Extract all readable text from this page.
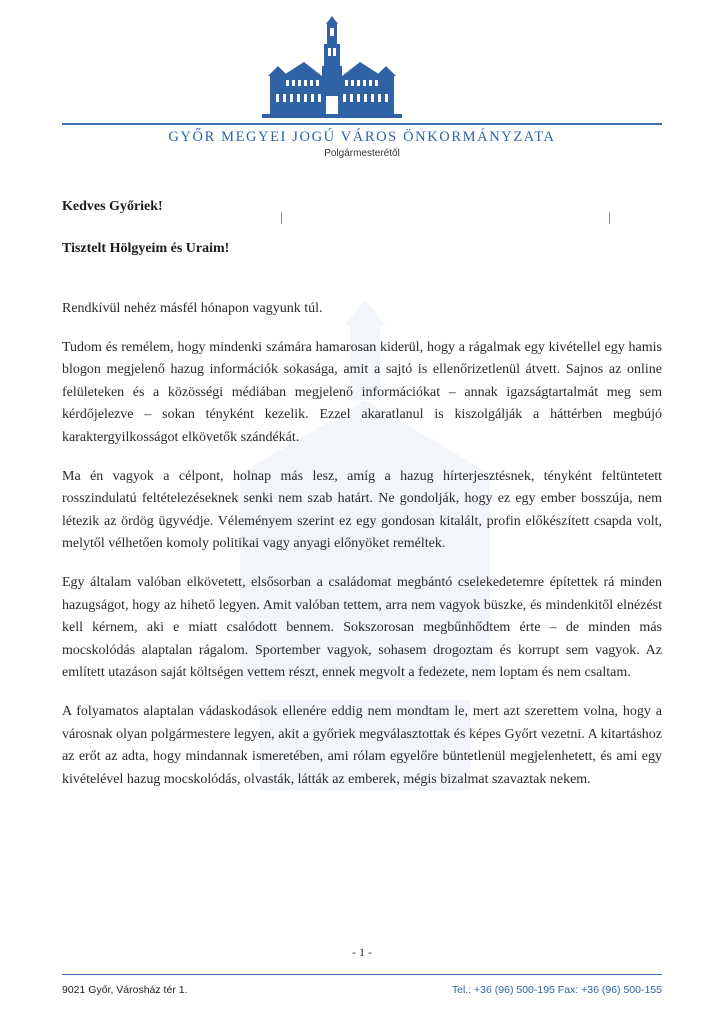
GYŐR MEGYEI JOGÚ VÁROS ÖNKORMÁNYZATA
Polgármesterétől
Kedves Győriek!
Tisztelt Hölgyeim és Uraim!

Rendkívül nehéz másfél hónapon vagyunk túl.

Tudom és remélem, hogy mindenki számára hamarosan kiderül, hogy a rágalmak egy kivétellel egy hamis blogon megjelenő hazug információk sokasága, amit a sajtó is ellenőrizetlenül átvett. Sajnos az online felületeken és a közösségi médiában megjelenő információkat – annak igazságtartalmát meg sem kérdőjelezve – sokan tényként kezelik. Ezzel akaratlanul is kiszolgálják a háttérben megbújó karaktergyilkosságot elkövetők szándékát.

Ma én vagyok a célpont, holnap más lesz, amíg a hazug hírterjesztésnek, tényként feltüntetett rosszindulatú feltételezéseknek senki nem szab határt. Ne gondolják, hogy ez egy ember bosszúja, nem létezik az ördög ügyvédje. Véleményem szerint ez egy gondosan kitalált, profin előkészített csapda volt, melytől vélhetően komoly politikai vagy anyagi előnyöket reméltek.

Egy általam valóban elkövetett, elsősorban a családomat megbántó cselekedetemre építettek rá minden hazugságot, hogy az hihető legyen. Amit valóban tettem, arra nem vagyok büszke, és mindenkitől elnézést kell kérnem, aki e miatt csalódott bennem. Sokszorosan megbűnhődtem érte – de minden más mocskolódás alaptalan rágalom. Sportember vagyok, sohasem drogoztam és korrupt sem vagyok. Az említett utazáson saját költségen vettem részt, ennek megvolt a fedezete, nem loptam és nem csaltam.

A folyamatos alaptalan vádaskodások ellenére eddig nem mondtam le, mert azt szerettem volna, hogy a városnak olyan polgármestere legyen, akit a győriek megválasztottak és képes Győrt vezetni. A kitartáshoz az erőt az adta, hogy mindannak ismeretében, ami rólam egyelőre büntetlenül megjelenhetett, és ami egy kivételével hazug mocskolódás, olvasták, látták az emberek, mégis bizalmat szavaztak nekem.

- 1 -
9021 Győr, Városház tér 1.	Tel.: +36 (96) 500-195 Fax: +36 (96) 500-155
